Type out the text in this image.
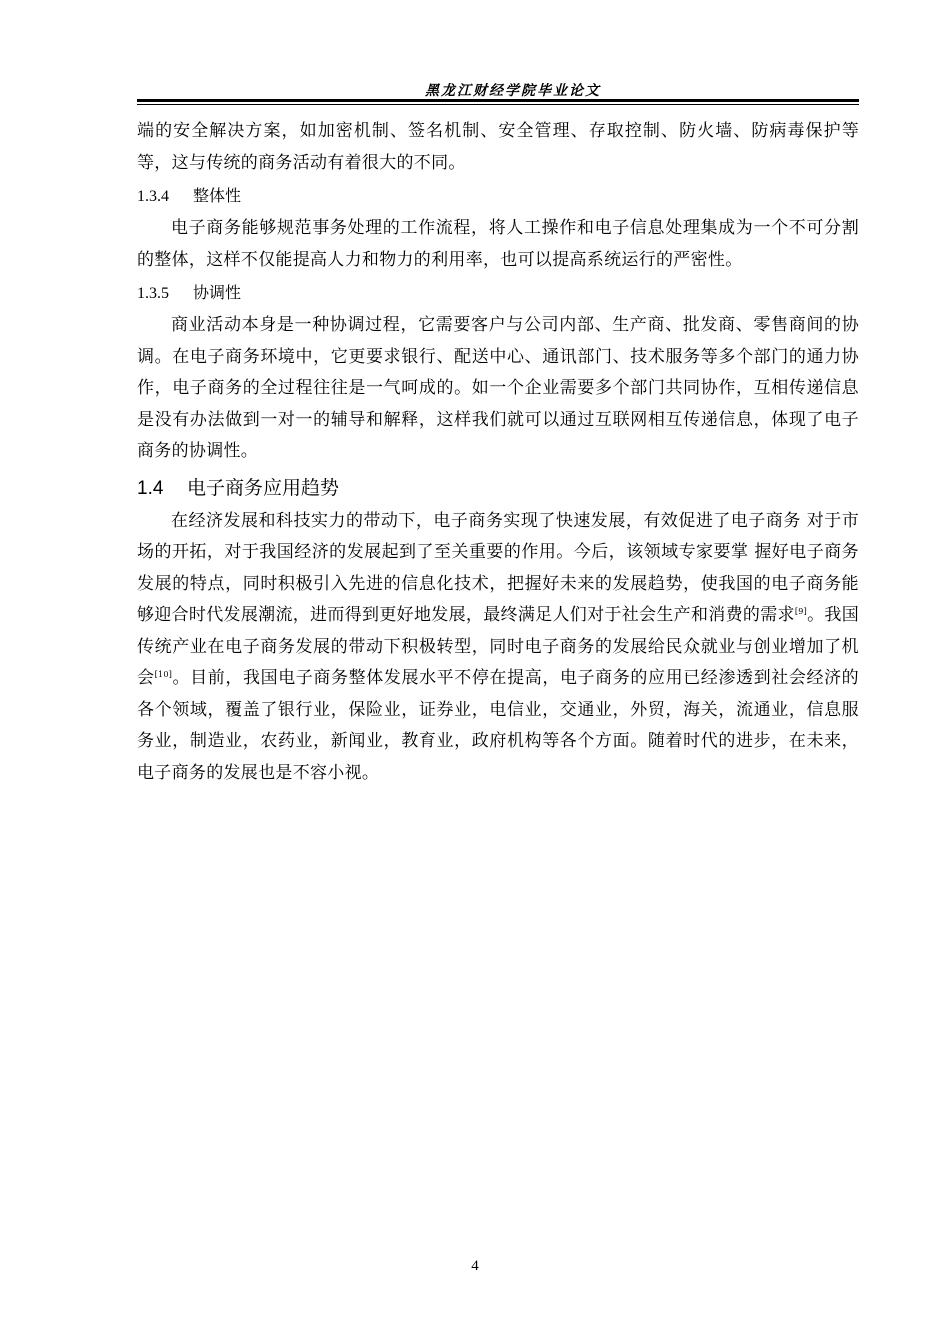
黑龙江财经学院毕业论文

端的安全解决方案，如加密机制、签名机制、安全管理、存取控制、防火墙、防病毒保护等等，这与传统的商务活动有着很大的不同。

1.3.4 整体性

电子商务能够规范事务处理的工作流程，将人工操作和电子信息处理集成为一个不可分割的整体，这样不仅能提高人力和物力的利用率，也可以提高系统运行的严密性。

1.3.5 协调性

商业活动本身是一种协调过程，它需要客户与公司内部、生产商、批发商、零售商间的协调。在电子商务环境中，它更要求银行、配送中心、通讯部门、技术服务等多个部门的通力协作，电子商务的全过程往往是一气呵成的。如一个企业需要多个部门共同协作，互相传递信息是没有办法做到一对一的辅导和解释，这样我们就可以通过互联网相互传递信息，体现了电子商务的协调性。

1.4 电子商务应用趋势

在经济发展和科技实力的带动下，电子商务实现了快速发展，有效促进了电子商务 对于市场的开拓，对于我国经济的发展起到了至关重要的作用。今后，该领域专家要掌 握好电子商务发展的特点，同时积极引入先进的信息化技术，把握好未来的发展趋势，使我国的电子商务能够迎合时代发展潮流，进而得到更好地发展，最终满足人们对于社会生产和消费的需求[9]。我国传统产业在电子商务发展的带动下积极转型，同时电子商务的发展给民众就业与创业增加了机会[10]。目前，我国电子商务整体发展水平不停在提高，电子商务的应用已经渗透到社会经济的各个领域，覆盖了银行业，保险业，证券业，电信业，交通业，外贸，海关，流通业，信息服务业，制造业，农药业，新闻业，教育业，政府机构等各个方面。随着时代的进步，在未来，电子商务的发展也是不容小视。

4
